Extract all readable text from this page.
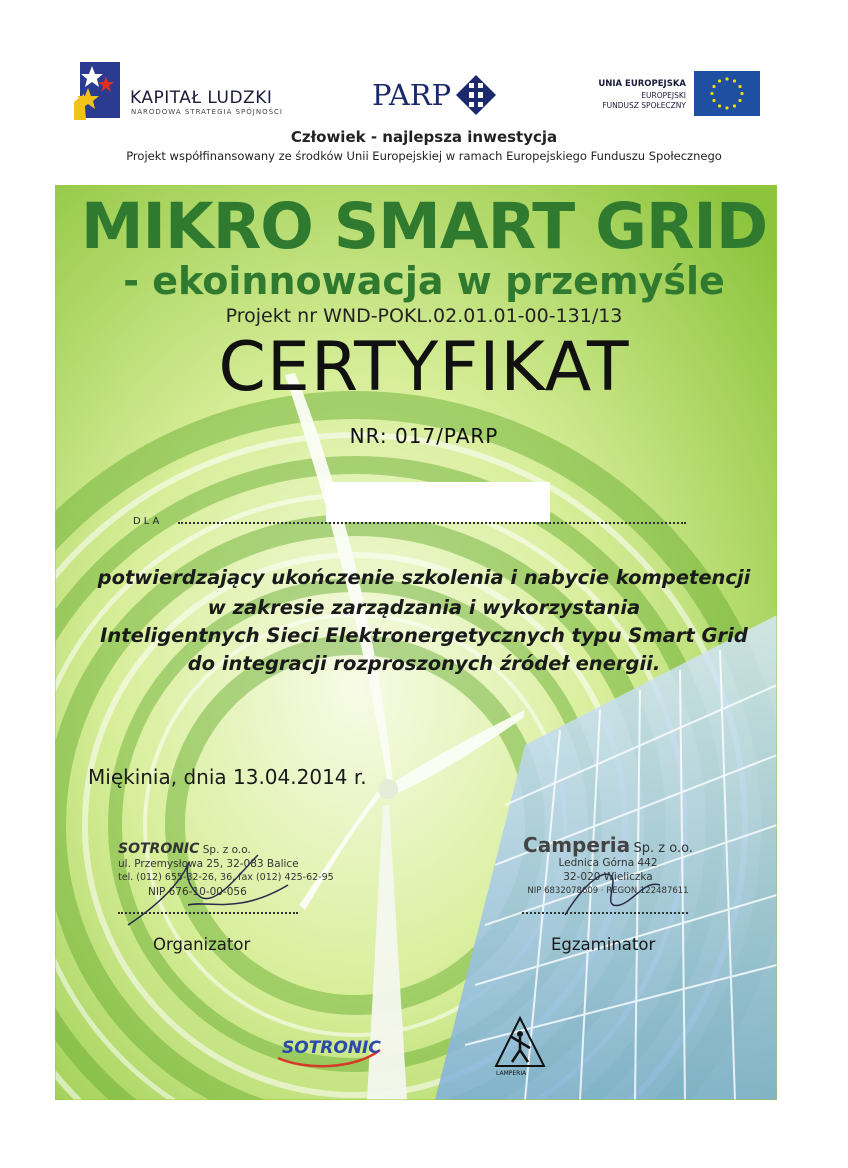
KAPITAŁ LUDZKI
NARODOWA STRATEGIA SPÓJNOŚCI	PARP	UNIA EUROPEJSKA
EUROPEJSKI
FUNDUSZ SPOŁECZNY
Człowiek - najlepsza inwestycja
Projekt współfinansowany ze środków Unii Europejskiej w ramach Europejskiego Funduszu Społecznego
MIKRO SMART GRID
- ekoinnowacja w przemyśle
Projekt nr WND-POKL.02.01.01-00-131/13
CERTYFIKAT
NR: 017/PARP
DLA
potwierdzający ukończenie szkolenia i nabycie kompetencji
w zakresie zarządzania i wykorzystania
Inteligentnych Sieci Elektronergetycznych typu Smart Grid
do integracji rozproszonych źródeł energii.
Miękinia, dnia 13.04.2014 r.
SOTRONIC Sp. z o.o.
ul. Przemysłowa 25, 32-083 Balice
tel. (012) 655-32-26, 36, fax (012) 425-62-95
NIP 676-10-00-056
Organizator
Camperia Sp. z o.o.
Lednica Górna 442
32-020 Wieliczka
NIP 6832078609 · REGON 122487611
Egzaminator
SOTRONIC
LAMPERIA
